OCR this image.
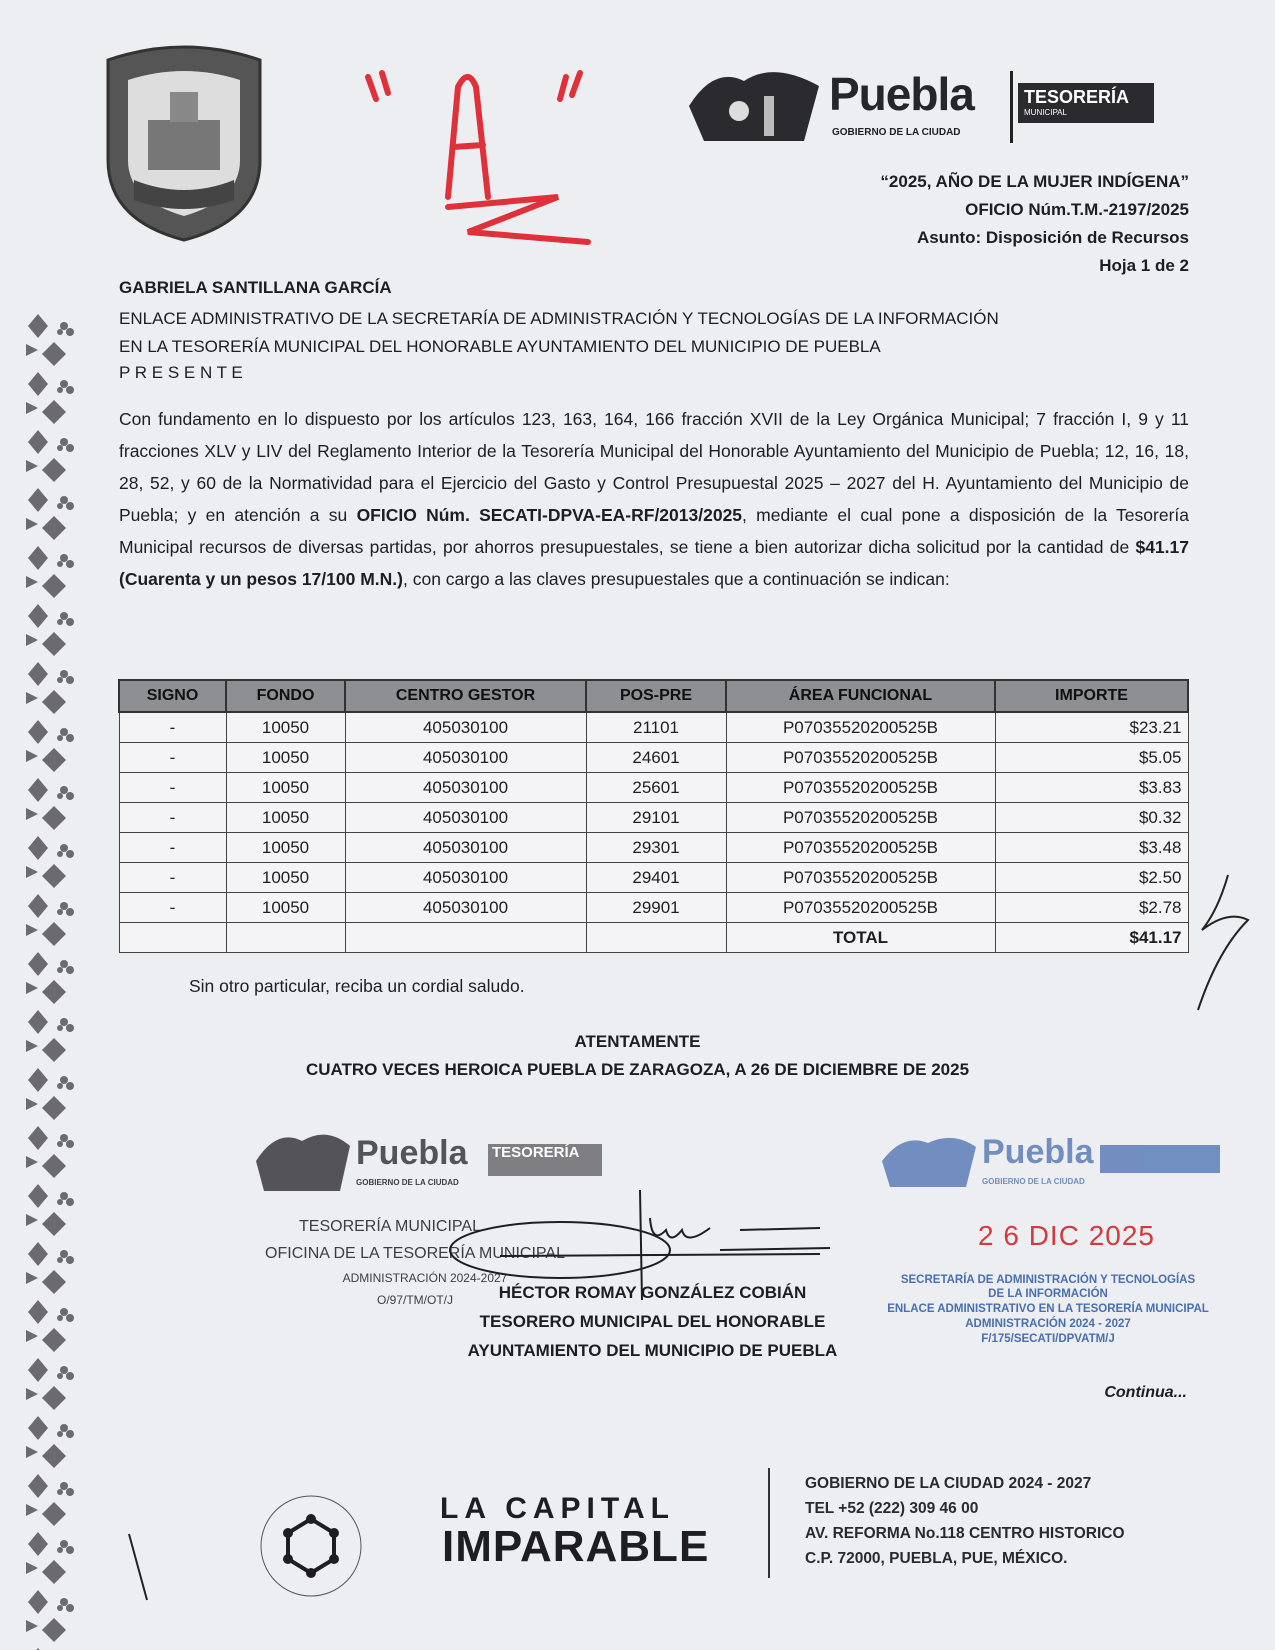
Puebla
GOBIERNO DE LA CIUDAD
TESORERÍA
MUNICIPAL
“2025, AÑO DE LA MUJER INDÍGENA”
OFICIO Núm.T.M.-2197/2025
Asunto: Disposición de Recursos
Hoja 1 de 2
GABRIELA SANTILLANA GARCÍA
ENLACE ADMINISTRATIVO DE LA SECRETARÍA DE ADMINISTRACIÓN Y TECNOLOGÍAS DE LA INFORMACIÓN
EN LA TESORERÍA MUNICIPAL DEL HONORABLE AYUNTAMIENTO DEL MUNICIPIO DE PUEBLA
P R E S E N T E
Con fundamento en lo dispuesto por los artículos 123, 163, 164, 166 fracción XVII de la Ley Orgánica Municipal; 7 fracción I, 9 y 11 fracciones XLV y LIV del Reglamento Interior de la Tesorería Municipal del Honorable Ayuntamiento del Municipio de Puebla; 12, 16, 18, 28, 52, y 60 de la Normatividad para el Ejercicio del Gasto y Control Presupuestal 2025 – 2027 del H. Ayuntamiento del Municipio de Puebla; y en atención a su OFICIO Núm. SECATI-DPVA-EA-RF/2013/2025, mediante el cual pone a disposición de la Tesorería Municipal recursos de diversas partidas, por ahorros presupuestales, se tiene a bien autorizar dicha solicitud por la cantidad de $41.17 (Cuarenta y un pesos 17/100 M.N.), con cargo a las claves presupuestales que a continuación se indican:
SIGNO	FONDO	CENTRO GESTOR	POS-PRE	ÁREA FUNCIONAL	IMPORTE
-	10050	405030100	21101	P07035520200525B	$23.21
-	10050	405030100	24601	P07035520200525B	$5.05
-	10050	405030100	25601	P07035520200525B	$3.83
-	10050	405030100	29101	P07035520200525B	$0.32
-	10050	405030100	29301	P07035520200525B	$3.48
-	10050	405030100	29401	P07035520200525B	$2.50
-	10050	405030100	29901	P07035520200525B	$2.78
				TOTAL	$41.17
Sin otro particular, reciba un cordial saludo.
ATENTAMENTE
CUATRO VECES HEROICA PUEBLA DE ZARAGOZA, A 26 DE DICIEMBRE DE 2025
Puebla
GOBIERNO DE LA CIUDAD
TESORERÍA
TESORERÍA MUNICIPAL
OFICINA DE LA TESORERÍA MUNICIPAL
ADMINISTRACIÓN 2024-2027
O/97/TM/OT/J	HÉCTOR ROMAY GONZÁLEZ COBIÁN
TESORERO MUNICIPAL DEL HONORABLE
AYUNTAMIENTO DEL MUNICIPIO DE PUEBLA
Puebla
GOBIERNO DE LA CIUDAD
2 6 DIC 2025
SECRETARÍA DE ADMINISTRACIÓN Y TECNOLOGÍAS
DE LA INFORMACIÓN
ENLACE ADMINISTRATIVO EN LA TESORERÍA MUNICIPAL
ADMINISTRACIÓN 2024 - 2027
F/175/SECATI/DPVATM/J
Continua...
LA CAPITAL
IMPARABLE
GOBIERNO DE LA CIUDAD 2024 - 2027
TEL +52 (222) 309 46 00
AV. REFORMA No.118 CENTRO HISTORICO
C.P. 72000, PUEBLA, PUE, MÉXICO.
